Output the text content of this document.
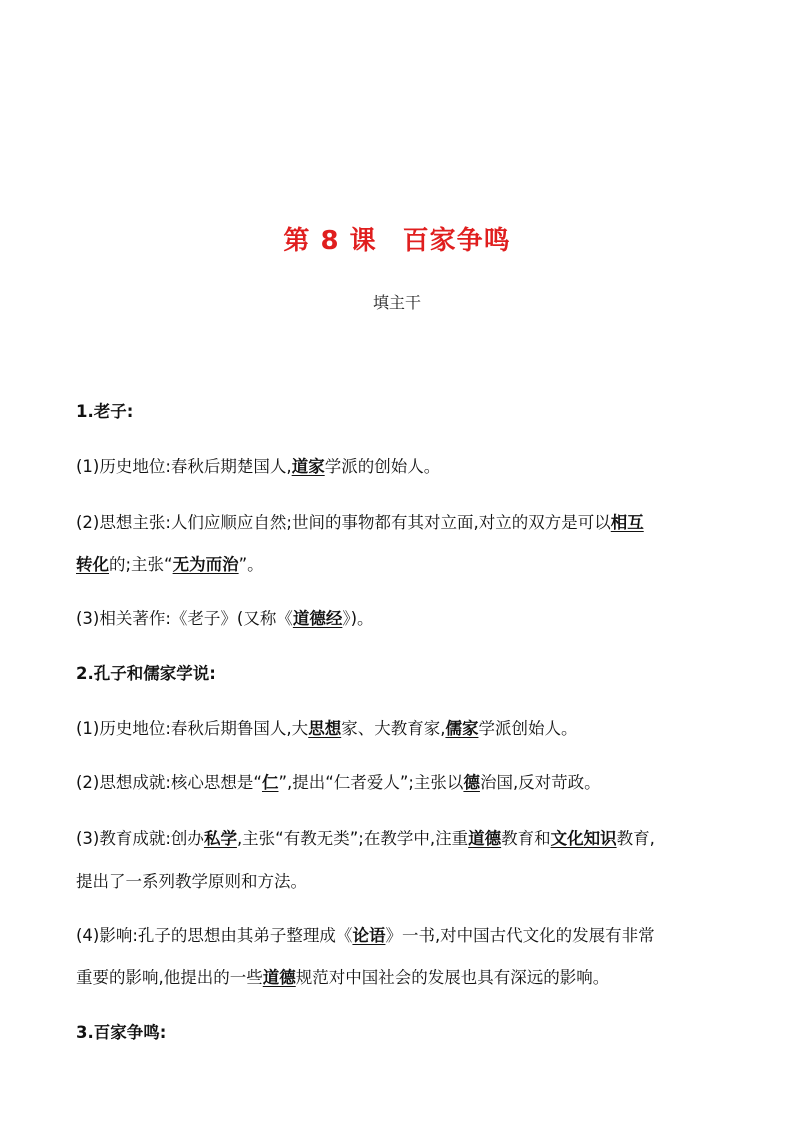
第 8 课 百家争鸣
填主干
1.老子:
(1)历史地位:春秋后期楚国人,道家学派的创始人。
(2)思想主张:人们应顺应自然;世间的事物都有其对立面,对立的双方是可以相互
转化的;主张“无为而治”。
(3)相关著作:《老子》(又称《道德经》)。
2.孔子和儒家学说:
(1)历史地位:春秋后期鲁国人,大思想家、大教育家,儒家学派创始人。
(2)思想成就:核心思想是“仁”,提出“仁者爱人”;主张以德治国,反对苛政。
(3)教育成就:创办私学,主张“有教无类”;在教学中,注重道德教育和文化知识教育,
提出了一系列教学原则和方法。
(4)影响:孔子的思想由其弟子整理成《论语》一书,对中国古代文化的发展有非常
重要的影响,他提出的一些道德规范对中国社会的发展也具有深远的影响。
3.百家争鸣:
